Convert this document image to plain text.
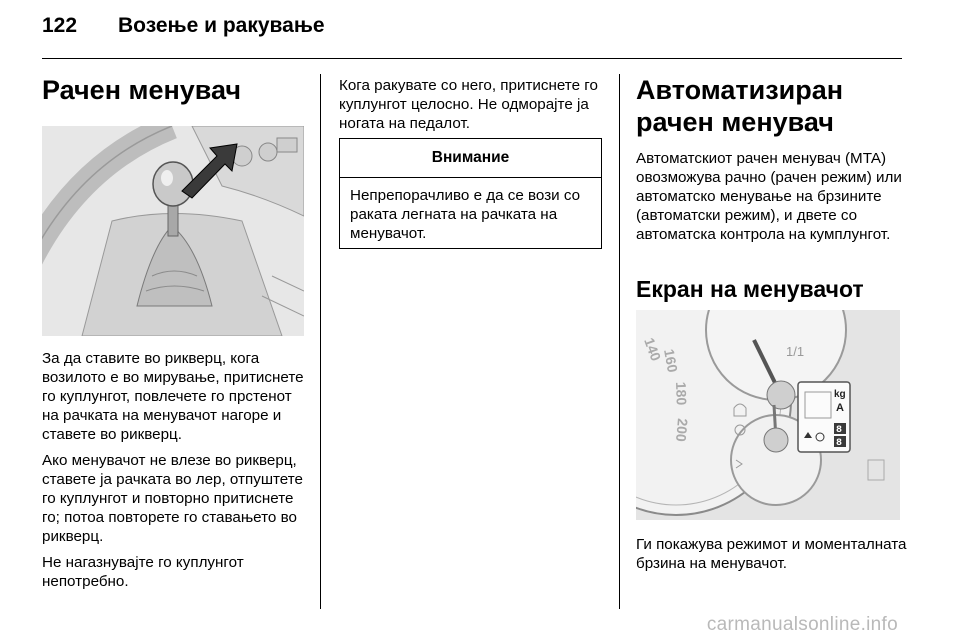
122 Возење и ракување
Рачен менувач

За да ставите во рикверц, кога возилото е во мирување, притиснете го куплунгот, повлечете го прстенот на рачката на менувачот нагоре и ставете во рикверц.

Ако менувачот не влезе во рикверц, ставете ја рачката во лер, отпуштете го куплунгот и повторно притиснете го; потоа повторете го ставањето во рикверц.

Не нагазнувајте го куплунгот непотребно.

Кога ракувате со него, притиснете го куплунгот целосно. Не одморајте ја ногата на педалот.

Внимание
Непрепорачливо е да се вози со раката легната на рачката на менувачот.
Автоматизиран рачен менувач

Автоматскиот рачен менувач (MTA) овозможува рачно (рачен режим) или автоматско менување на брзините (автоматски режим), и двете со автоматска контрола на кумплунгот.

Екран на менувачот
140
160
180
200
1/1
kg
A
8
8

Ги покажува режимот и моменталната брзина на менувачот.

carmanualsonline.info
